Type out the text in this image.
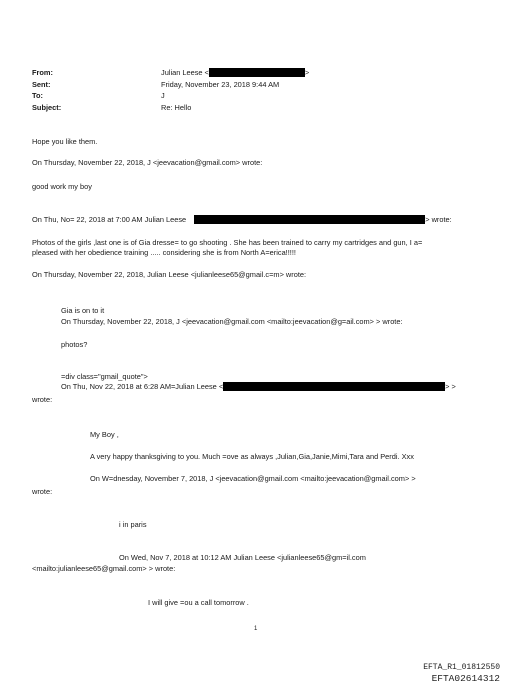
From:	Julian Leese <	>
Sent:	Friday, November 23, 2018 9:44 AM
To:	J
Subject:	Re: Hello
Hope you like them.
On Thursday, November 22, 2018, J <jeevacation@gmail.com> wrote:
good work my boy
On Thu, No= 22, 2018 at 7:00 AM Julian Leese	> wrote:
Photos of the girls ,last one is of Gia dresse= to go shooting . She has been trained to carry my cartridges and gun, I a=
pleased with her obedience training ..... considering she is from North A=erica!!!!!
On Thursday, November 22, 2018, Julian Leese <julianleese65@gmail.c=m> wrote:
Gia is on to it
On Thursday, November 22, 2018, J <jeevacation@gmail.com <mailto:jeevacation@g=ail.com> > wrote:
photos?
=div class="gmail_quote">
On Thu, Nov 22, 2018 at 6:28 AM=Julian Leese <	> >
wrote:
My Boy ,
A very happy thanksgiving to you. Much =ove as always ,Julian,Gia,Janie,Mimi,Tara and Perdi. Xxx
On W=dnesday, November 7, 2018, J <jeevacation@gmail.com <mailto:jeevacation@gmail.com> >
wrote:
i in paris
On Wed, Nov 7, 2018 at 10:12 AM Julian Leese <julianleese65@gm=il.com
<mailto:julianleese65@gmail.com> > wrote:
I will give =ou a call tomorrow .
1
EFTA_R1_01812550
EFTA02614312
